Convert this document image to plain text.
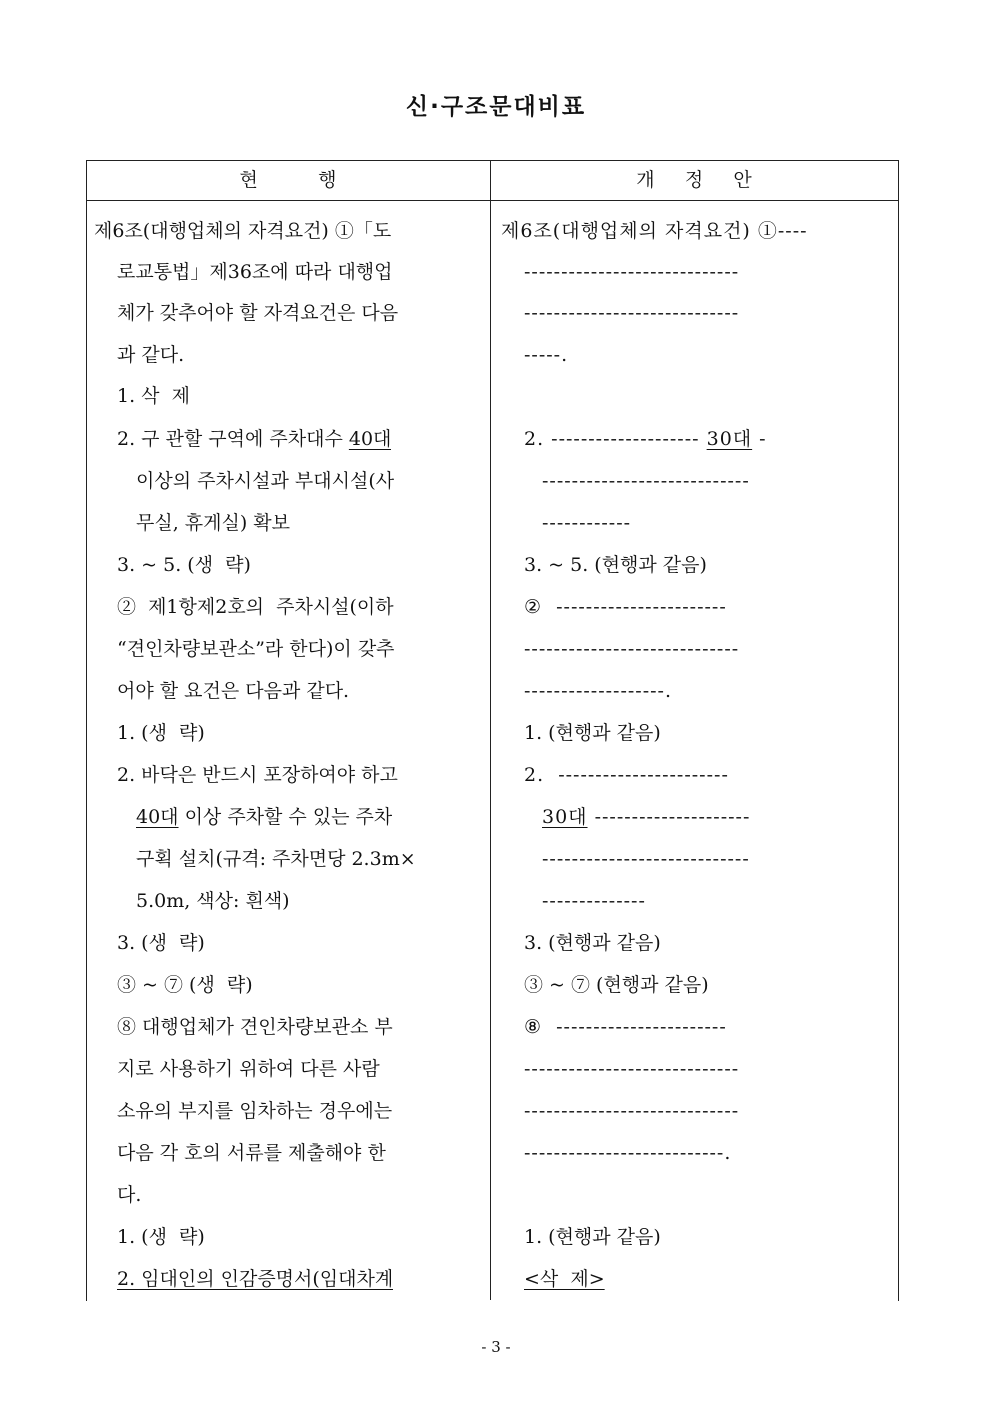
신·구조문대비표
현          행	개     정     안
제6조(대행업체의 자격요건) ①「도
로교통법」제36조에 따라 대행업
체가 갖추어야 할 자격요건은 다음
과 같다.
1. 삭  제
2. 구 관할 구역에 주차대수 40대
이상의 주차시설과 부대시설(사
무실, 휴게실) 확보
3. ~ 5. (생  략)
②  제1항제2호의  주차시설(이하
“견인차량보관소”라 한다)이 갖추
어야 할 요건은 다음과 같다.
1. (생  략)
2. 바닥은 반드시 포장하여야 하고
40대 이상 주차할 수 있는 주차
구획 설치(규격: 주차면당 2.3m×
5.0m, 색상: 흰색)
3. (생  략)
③ ~ ⑦ (생  략)
⑧ 대행업체가 견인차량보관소 부
지로 사용하기 위하여 다른 사람
소유의 부지를 임차하는 경우에는
다음 각 호의 서류를 제출해야 한
다.
1. (생  략)
2. 임대인의 인감증명서(임대차계
제6조(대행업체의 자격요건) ①----
-----------------------------
-----------------------------
-----.
2. -------------------- 30대 -
----------------------------
------------
3. ~ 5. (현행과 같음)
②  -----------------------
-----------------------------
-------------------.
1. (현행과 같음)
2.  -----------------------
30대 ---------------------
----------------------------
--------------
3. (현행과 같음)
③ ~ ⑦ (현행과 같음)
⑧  -----------------------
-----------------------------
-----------------------------
---------------------------.
1. (현행과 같음)
<삭  제>
- 3 -
